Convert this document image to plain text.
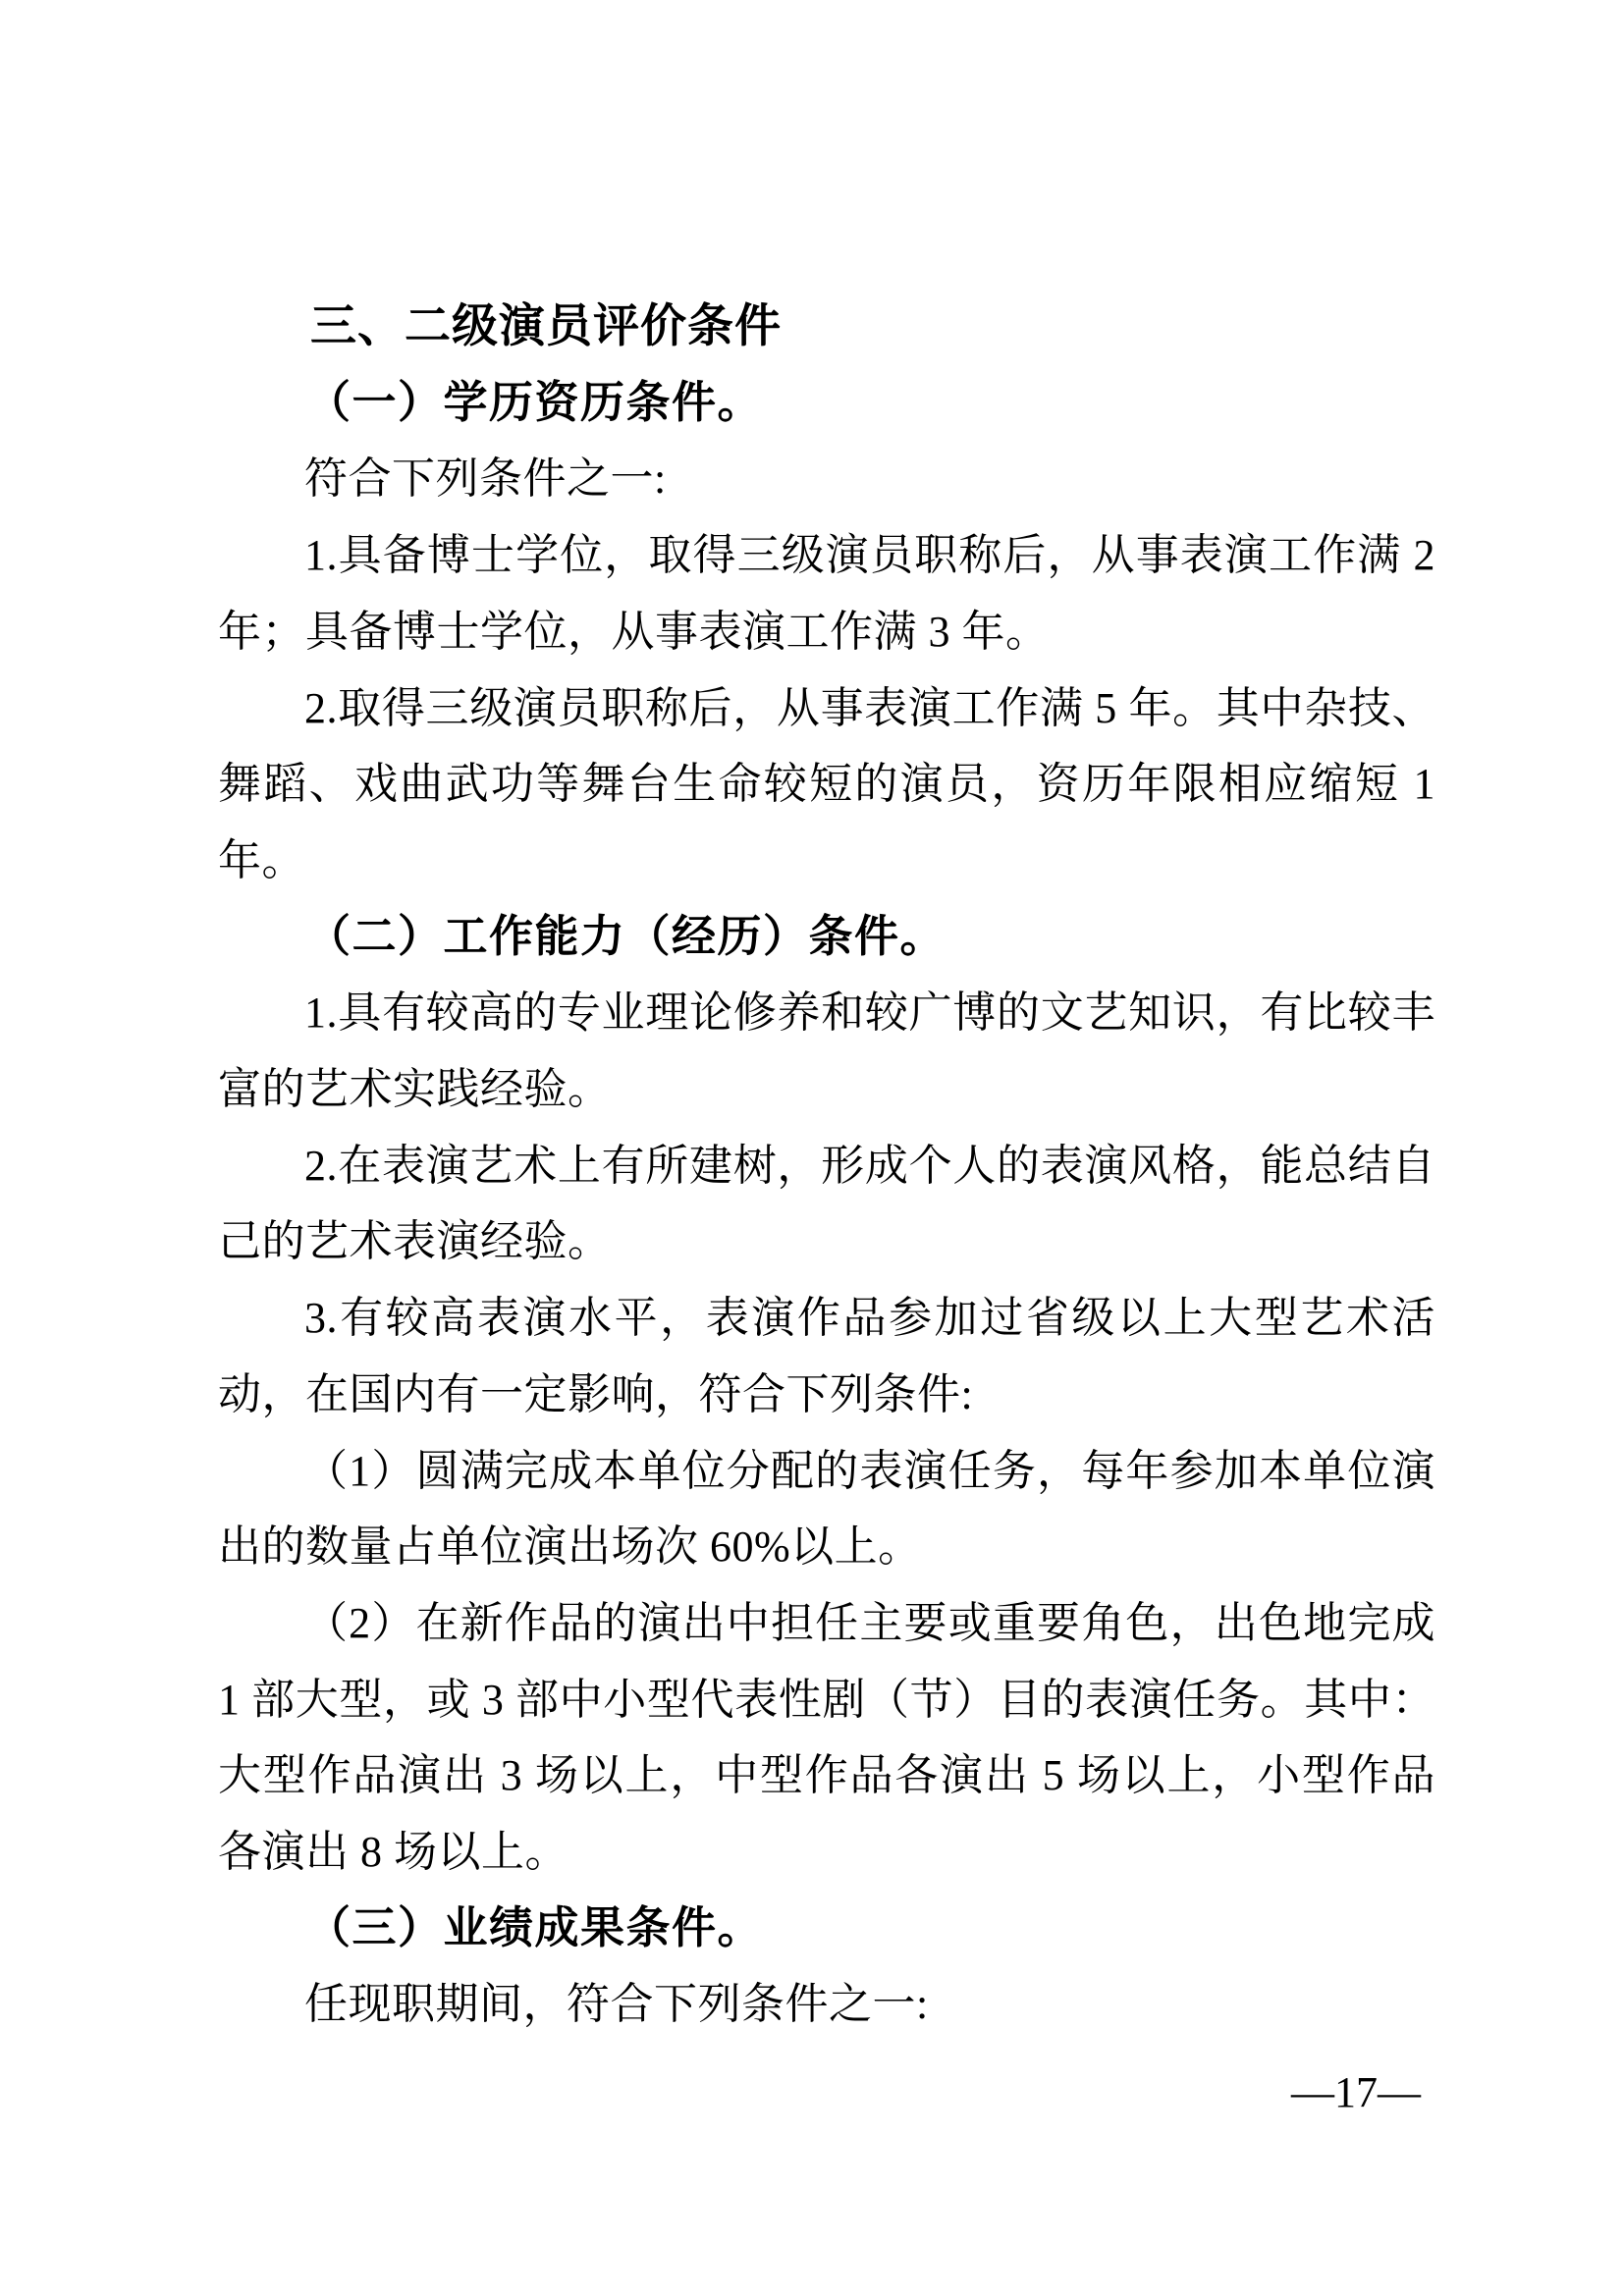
三、二级演员评价条件

（一）学历资历条件。

符合下列条件之一:

1.具备博士学位，取得三级演员职称后，从事表演工作满 2 年；具备博士学位，从事表演工作满 3 年。

2.取得三级演员职称后，从事表演工作满 5 年。其中杂技、舞蹈、戏曲武功等舞台生命较短的演员，资历年限相应缩短 1 年。

（二）工作能力（经历）条件。

1.具有较高的专业理论修养和较广博的文艺知识，有比较丰富的艺术实践经验。

2.在表演艺术上有所建树，形成个人的表演风格，能总结自己的艺术表演经验。

3.有较高表演水平，表演作品参加过省级以上大型艺术活动，在国内有一定影响，符合下列条件:

（1）圆满完成本单位分配的表演任务，每年参加本单位演出的数量占单位演出场次 60%以上。

（2）在新作品的演出中担任主要或重要角色，出色地完成 1 部大型，或 3 部中小型代表性剧（节）目的表演任务。其中：大型作品演出 3 场以上，中型作品各演出 5 场以上，小型作品各演出 8 场以上。

（三）业绩成果条件。

任现职期间，符合下列条件之一:

—17—
